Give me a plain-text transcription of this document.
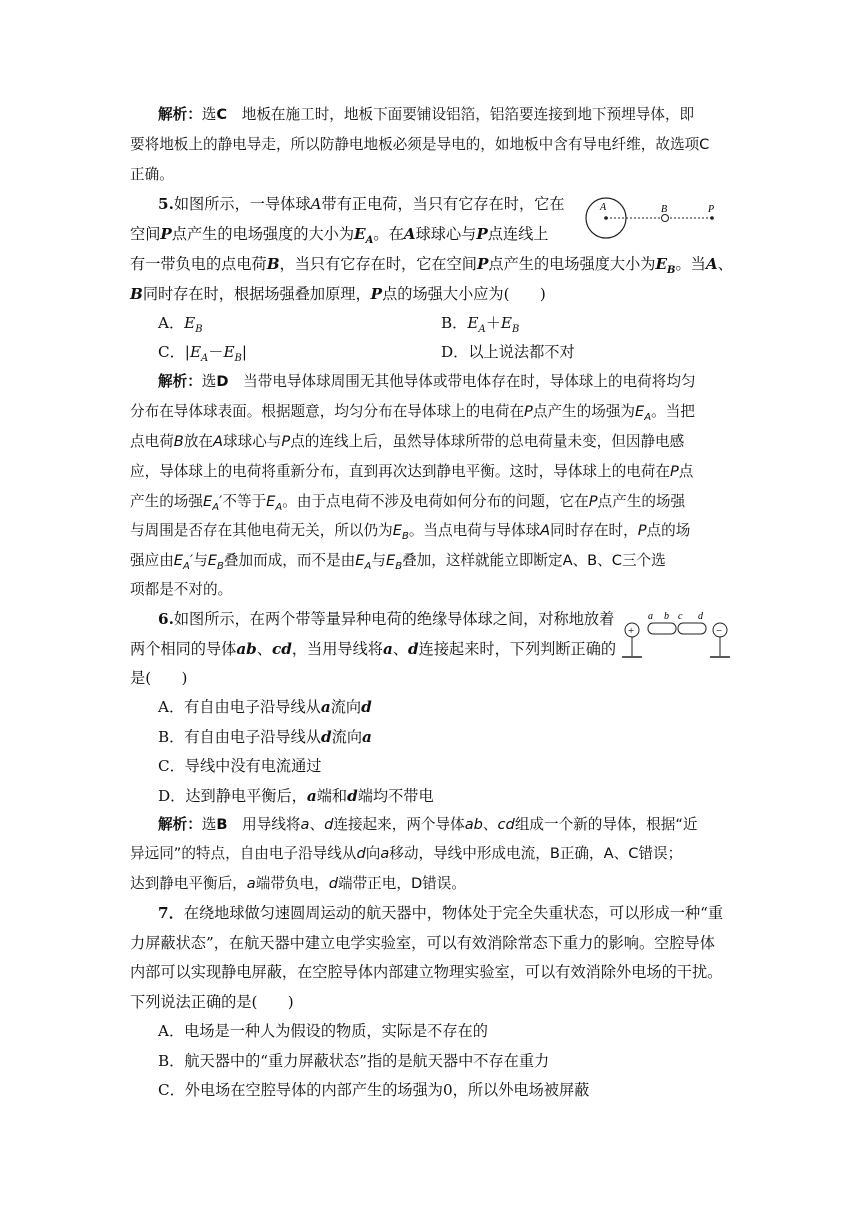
解析：选C　地板在施工时，地板下面要铺设铝箔，铝箔要连接到地下预埋导体，即
要将地板上的静电导走，所以防静电地板必须是导电的，如地板中含有导电纤维，故选项C
正确。
5.如图所示，一导体球A带有正电荷，当只有它存在时，它在
空间P点产生的电场强度的大小为$E_A$。在A球球心与P点连线上
有一带负电的点电荷B，当只有它存在时，它在空间P点产生的电场强度大小为$E_B$。当A、
B同时存在时，根据场强叠加原理，P点的场强大小应为(　　)
A．$E_B$	B．$E_A+E_B$
C．$|E_A-E_B|$	D．以上说法都不对
A	B	P
解析：选D　当带电导体球周围无其他导体或带电体存在时，导体球上的电荷将均匀
分布在导体球表面。根据题意，均匀分布在导体球上的电荷在P点产生的场强为$E_A$。当把
点电荷B放在A球球心与P点的连线上后，虽然导体球所带的总电荷量未变，但因静电感
应，导体球上的电荷将重新分布，直到再次达到静电平衡。这时，导体球上的电荷在P点
产生的场强$E_A'$不等于$E_A$。由于点电荷不涉及电荷如何分布的问题，它在P点产生的场强
与周围是否存在其他电荷无关，所以仍为$E_B$。当点电荷与导体球A同时存在时，P点的场
强应由$E_A'$与$E_B$叠加而成，而不是由$E_A$与$E_B$叠加，这样就能立即断定A、B、C三个选
项都是不对的。
6.如图所示，在两个带等量异种电荷的绝缘导体球之间，对称地放着
两个相同的导体ab、cd，当用导线将a、d连接起来时，下列判断正确的
是(　　)
+
a b c d
−
A．有自由电子沿导线从a流向d
B．有自由电子沿导线从d流向a
C．导线中没有电流通过
D．达到静电平衡后，a端和d端均不带电
解析：选B　用导线将a、d连接起来，两个导体ab、cd组成一个新的导体，根据“近
异远同”的特点，自由电子沿导线从d向a移动，导线中形成电流，B正确，A、C错误；
达到静电平衡后，a端带负电，d端带正电，D错误。
7．在绕地球做匀速圆周运动的航天器中，物体处于完全失重状态，可以形成一种“重
力屏蔽状态”，在航天器中建立电学实验室，可以有效消除常态下重力的影响。空腔导体
内部可以实现静电屏蔽，在空腔导体内部建立物理实验室，可以有效消除外电场的干扰。
下列说法正确的是(　　)
A．电场是一种人为假设的物质，实际是不存在的
B．航天器中的“重力屏蔽状态”指的是航天器中不存在重力
C．外电场在空腔导体的内部产生的场强为0，所以外电场被屏蔽
